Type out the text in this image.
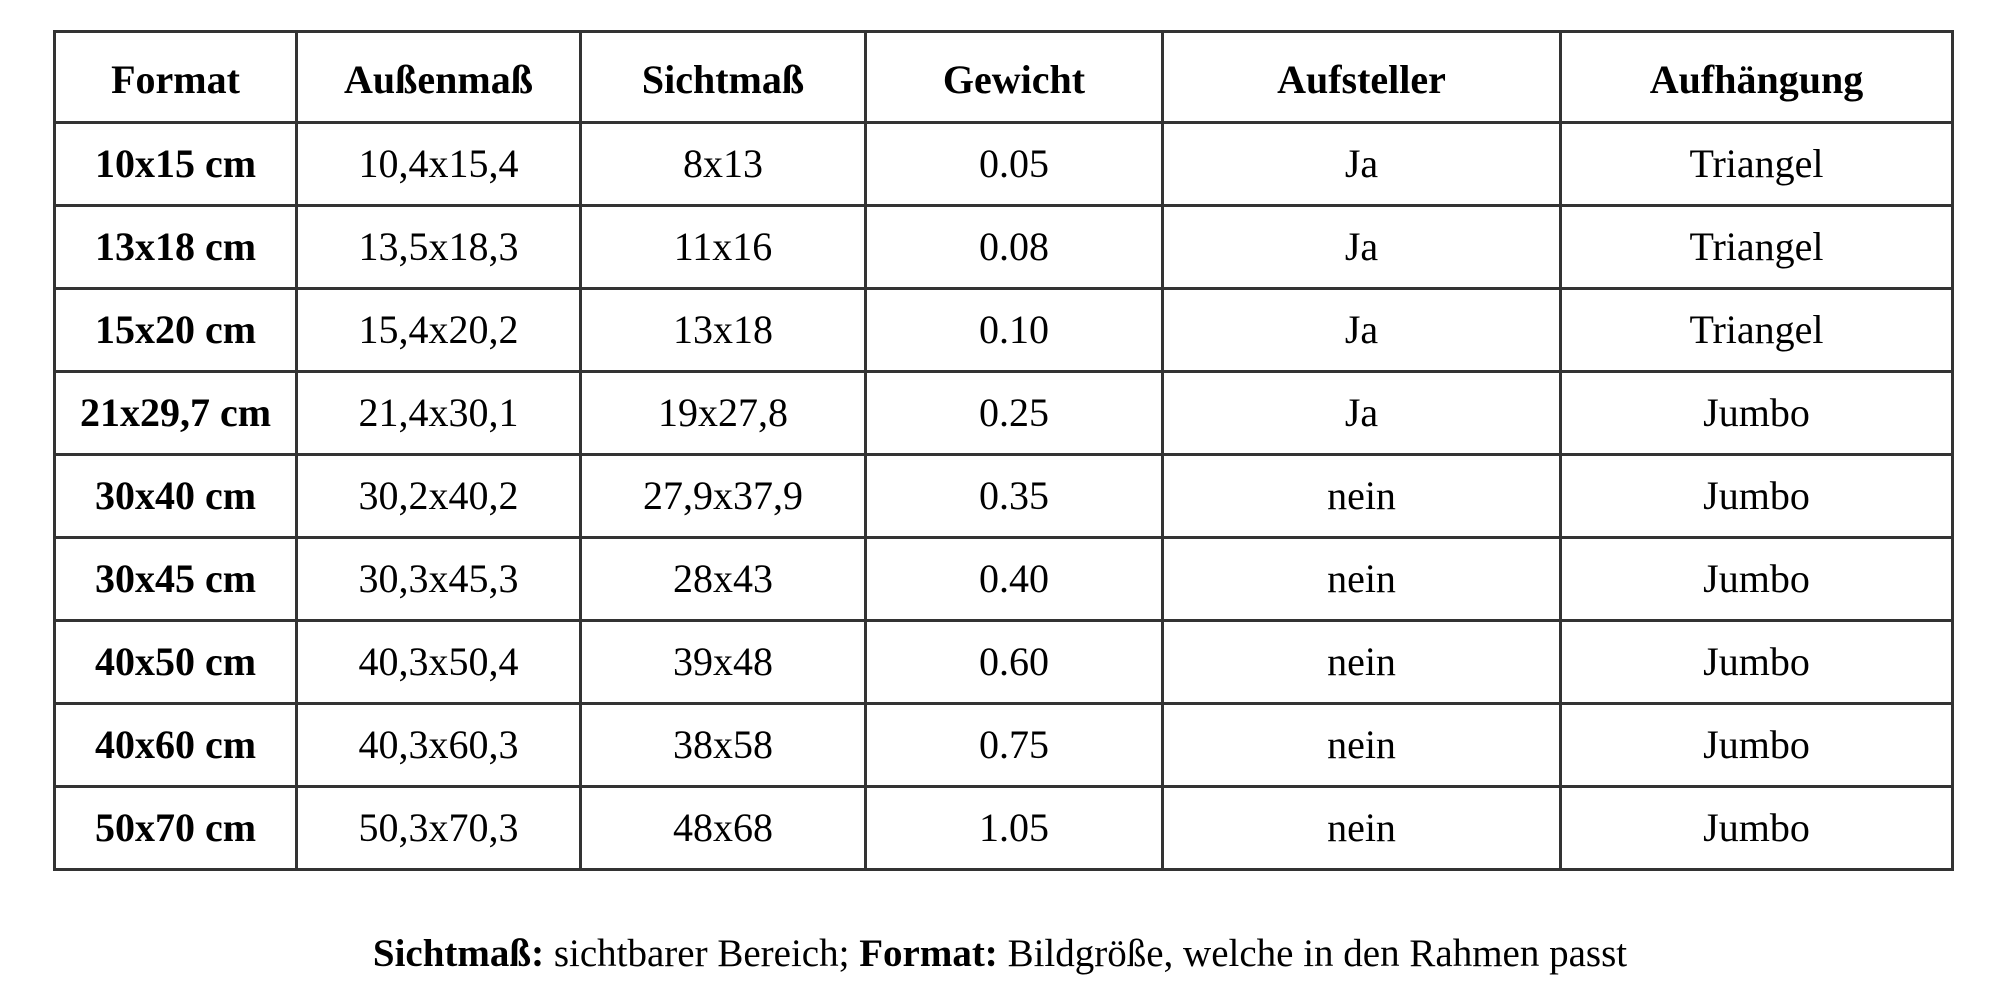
Format	Außenmaß	Sichtmaß	Gewicht	Aufsteller	Aufhängung
10x15 cm	10,4x15,4	8x13	0.05	Ja	Triangel
13x18 cm	13,5x18,3	11x16	0.08	Ja	Triangel
15x20 cm	15,4x20,2	13x18	0.10	Ja	Triangel
21x29,7 cm	21,4x30,1	19x27,8	0.25	Ja	Jumbo
30x40 cm	30,2x40,2	27,9x37,9	0.35	nein	Jumbo
30x45 cm	30,3x45,3	28x43	0.40	nein	Jumbo
40x50 cm	40,3x50,4	39x48	0.60	nein	Jumbo
40x60 cm	40,3x60,3	38x58	0.75	nein	Jumbo
50x70 cm	50,3x70,3	48x68	1.05	nein	Jumbo
Sichtmaß: sichtbarer Bereich; Format: Bildgröße, welche in den Rahmen passt
